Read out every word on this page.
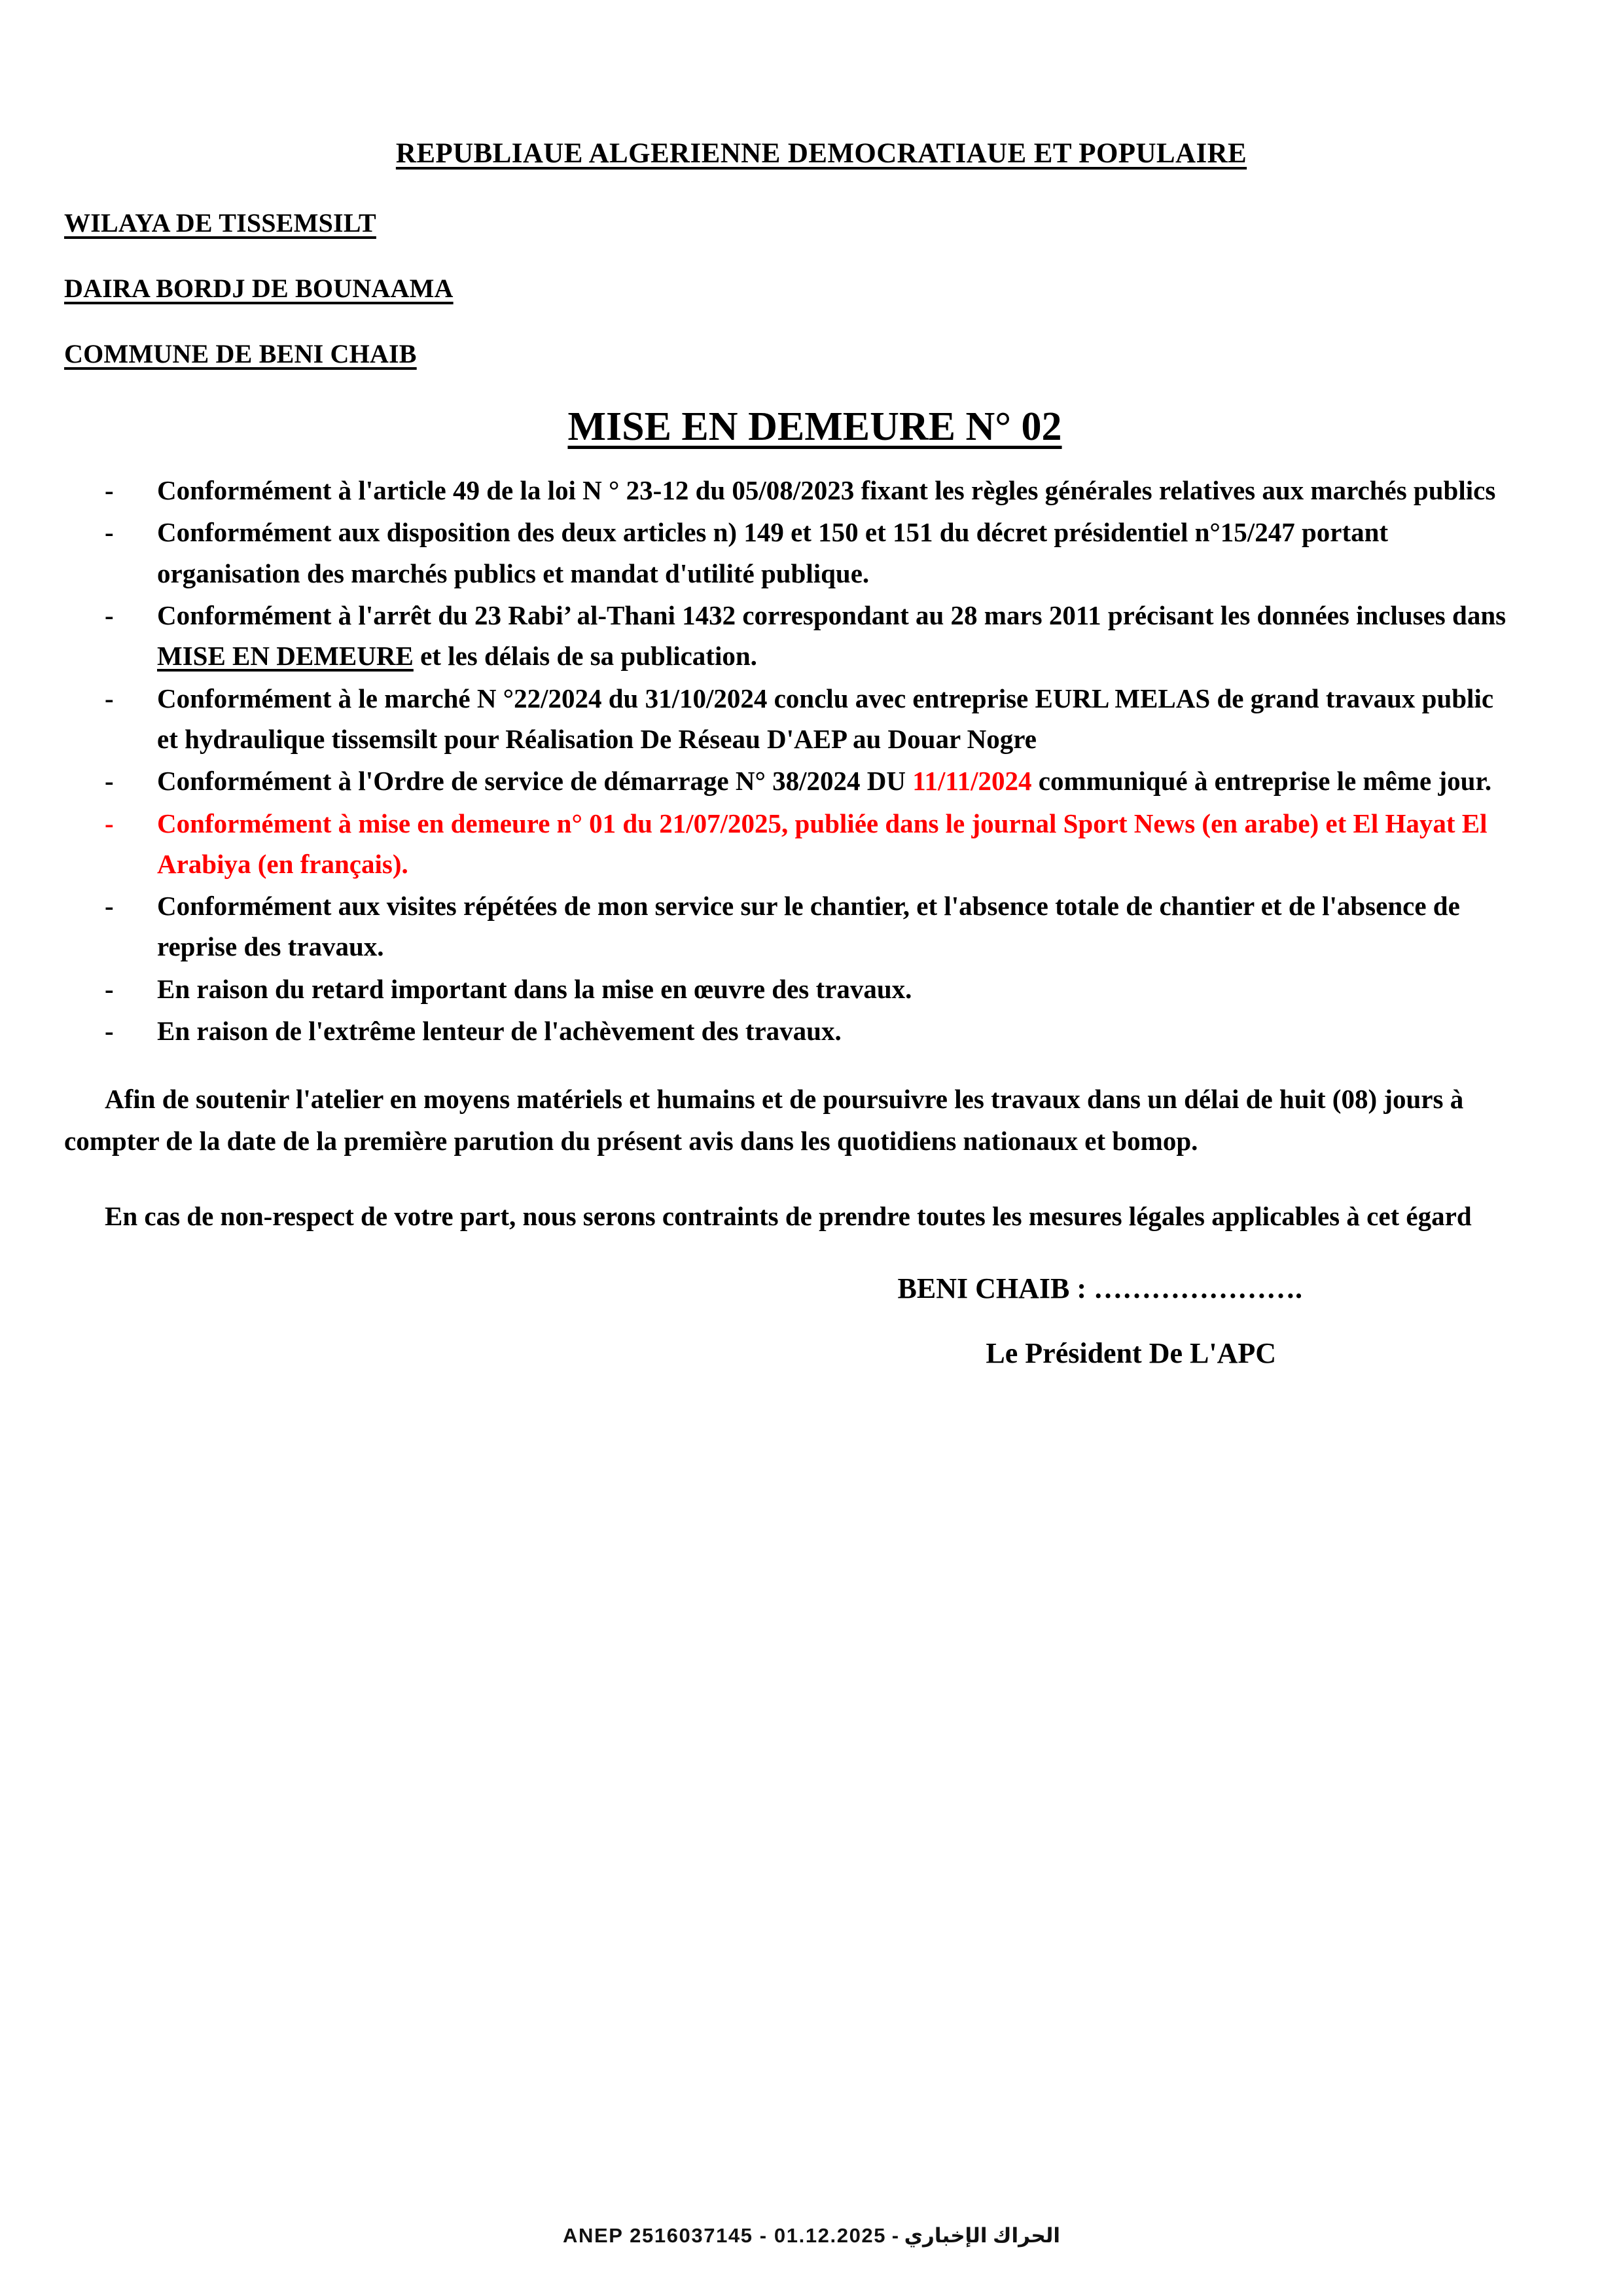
REPUBLIAUE ALGERIENNE DEMOCRATIAUE ET POPULAIRE
WILAYA DE TISSEMSILT
DAIRA BORDJ DE BOUNAAMA
COMMUNE DE BENI CHAIB
MISE EN DEMEURE N° 02
- Conformément à l'article 49 de la loi N ° 23-12 du 05/08/2023 fixant les règles générales relatives aux marchés publics
- Conformément aux disposition des deux articles n) 149 et 150 et 151 du décret présidentiel n°15/247 portant organisation des marchés publics et mandat d'utilité publique.
- Conformément à l'arrêt du 23 Rabi’ al-Thani 1432 correspondant au 28 mars 2011 précisant les données incluses dans MISE EN DEMEURE et les délais de sa publication.
- Conformément à le marché N °22/2024 du 31/10/2024 conclu avec entreprise EURL MELAS de grand travaux public et hydraulique tissemsilt pour Réalisation De Réseau D'AEP au Douar Nogre
- Conformément à l'Ordre de service de démarrage N° 38/2024 DU 11/11/2024 communiqué à entreprise le même jour.
- Conformément à mise en demeure n° 01 du 21/07/2025, publiée dans le journal Sport News (en arabe) et El Hayat El Arabiya (en français).
- Conformément aux visites répétées de mon service sur le chantier, et l'absence totale de chantier et de l'absence de reprise des travaux.
- En raison du retard important dans la mise en œuvre des travaux.
- En raison de l'extrême lenteur de l'achèvement des travaux.

Afin de soutenir l'atelier en moyens matériels et humains et de poursuivre les travaux dans un délai de huit (08) jours à compter de la date de la première parution du présent avis dans les quotidiens nationaux et bomop.

En cas de non-respect de votre part, nous serons contraints de prendre toutes les mesures légales applicables à cet égard

BENI CHAIB : ………………….
Le Président De L'APC
الحراك الإخباري - ANEP 2516037145 - 01.12.2025
